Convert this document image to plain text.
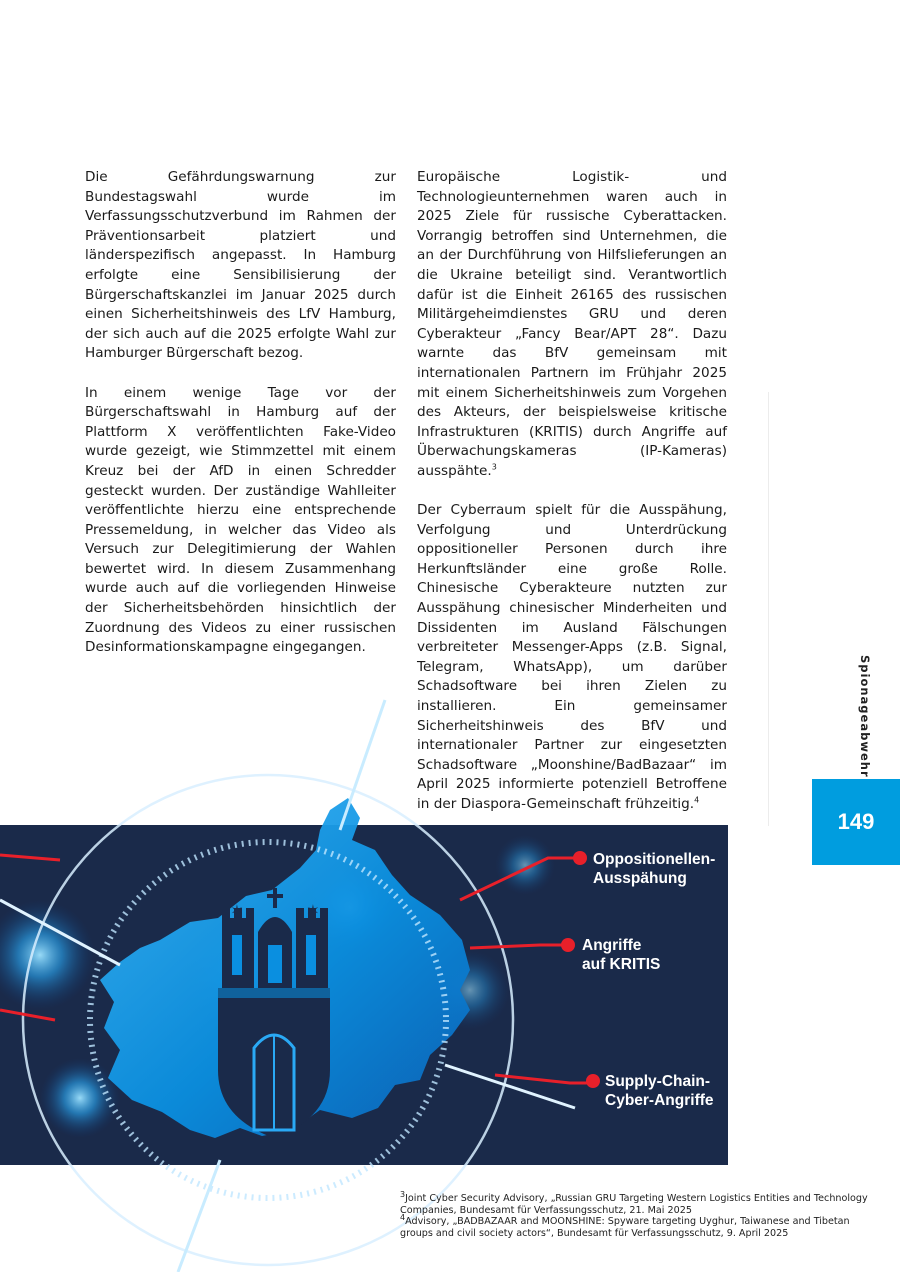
Die Gefährdungswarnung zur Bundestagswahl wurde im Verfassungsschutzverbund im Rahmen der Präventionsarbeit platziert und länderspezifisch angepasst. In Hamburg erfolgte eine Sensibilisierung der Bürgerschaftskanzlei im Januar 2025 durch einen Sicherheitshinweis des LfV Hamburg, der sich auch auf die 2025 erfolgte Wahl zur Hamburger Bürgerschaft bezog.

In einem wenige Tage vor der Bürgerschaftswahl in Hamburg auf der Plattform X veröffentlichten Fake-Video wurde gezeigt, wie Stimmzettel mit einem Kreuz bei der AfD in einen Schredder gesteckt wurden. Der zuständige Wahlleiter veröffentlichte hierzu eine entsprechende Pressemeldung, in welcher das Video als Versuch zur Delegitimierung der Wahlen bewertet wird. In diesem Zusammenhang wurde auch auf die vorliegenden Hinweise der Sicherheitsbehörden hinsichtlich der Zuordnung des Videos zu einer russischen Desinformationskampagne eingegangen.

Europäische Logistik- und Technologieunternehmen waren auch in 2025 Ziele für russische Cyberattacken. Vorrangig betroffen sind Unternehmen, die an der Durchführung von Hilfslieferungen an die Ukraine beteiligt sind. Verantwortlich dafür ist die Einheit 26165 des russischen Militärgeheimdienstes GRU und deren Cyberakteur „Fancy Bear/APT 28“. Dazu warnte das BfV gemeinsam mit internationalen Partnern im Frühjahr 2025 mit einem Sicherheitshinweis zum Vorgehen des Akteurs, der beispielsweise kritische Infrastrukturen (KRITIS) durch Angriffe auf Überwachungskameras (IP-Kameras) ausspähte.$^3$

Der Cyberraum spielt für die Ausspähung, Verfolgung und Unterdrückung oppositioneller Personen durch ihre Herkunftsländer eine große Rolle. Chinesische Cyberakteure nutzten zur Ausspähung chinesischer Minderheiten und Dissidenten im Ausland Fälschungen verbreiteter Messenger-Apps (z.B. Signal, Telegram, WhatsApp), um darüber Schadsoftware bei ihren Zielen zu installieren. Ein gemeinsamer Sicherheitshinweis des BfV und internationaler Partner zur eingesetzten Schadsoftware „Moonshine/BadBazaar“ im April 2025 informierte potenziell Betroffene in der Diaspora-Gemeinschaft frühzeitig.$^4$

✶	✶
Oppositionellen-
Ausspähung
Angriffe
auf KRITIS
Supply-Chain-
Cyber-Angriffe
Spionageabwehr
149

$^3$Joint Cyber Security Advisory, „Russian GRU Targeting Western Logistics Entities and Technology Companies, Bundesamt für Verfassungsschutz, 21. Mai 2025

$^4$Advisory, „BADBAZAAR and MOONSHINE: Spyware targeting Uyghur, Taiwanese and Tibetan groups and civil society actors“, Bundesamt für Verfassungsschutz, 9. April 2025
